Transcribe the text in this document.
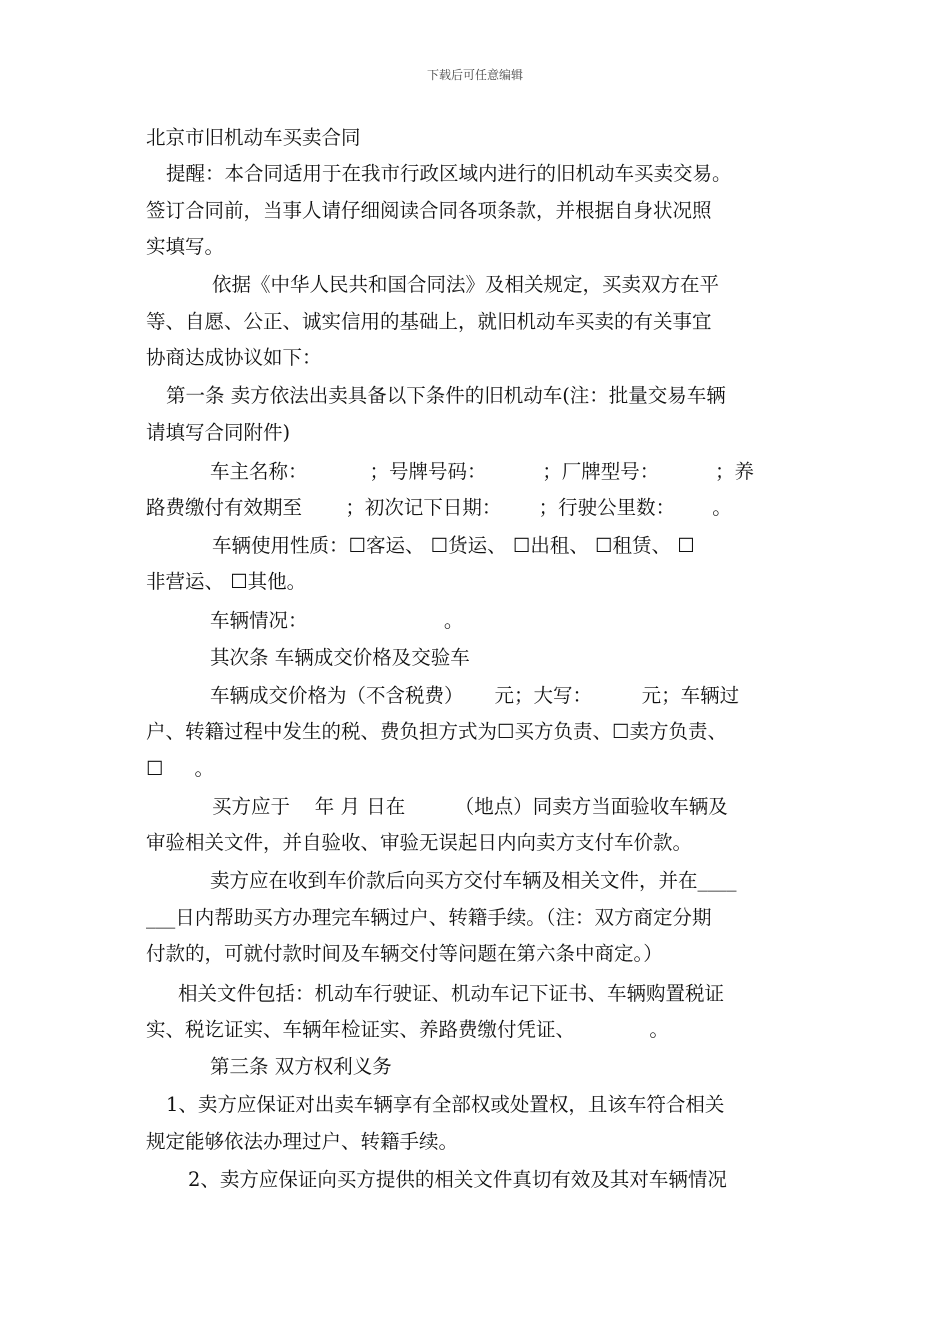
下载后可任意编辑
北京市旧机动车买卖合同
提醒：本合同适用于在我市行政区域内进行的旧机动车买卖交易。
签订合同前，当事人请仔细阅读合同各项条款，并根据自身状况照
实填写。
依据《中华人民共和国合同法》及相关规定，买卖双方在平
等、自愿、公正、诚实信用的基础上，就旧机动车买卖的有关事宜
协商达成协议如下：
第一条 卖方依法出卖具备以下条件的旧机动车(注：批量交易车辆
请填写合同附件)
车主名称：          ；号牌号码：         ；厂牌型号：         ；养
路费缴付有效期至       ；初次记下日期：      ；行驶公里数：      。
车辆使用性质：☐客运、 ☐货运、 ☐出租、 ☐租赁、 ☐
非营运、 ☐其他。
车辆情况：                      。
其次条 车辆成交价格及交验车
车辆成交价格为（不含税费）     元；大写：        元；车辆过
户、转籍过程中发生的税、费负担方式为☐买方负责、☐卖方负责、
☐     。
买方应于    年 月 日在        （地点）同卖方当面验收车辆及
审验相关文件，并自验收、审验无误起日内向卖方支付车价款。
卖方应在收到车价款后向买方交付车辆及相关文件，并在____
___日内帮助买方办理完车辆过户、转籍手续。（注：双方商定分期
付款的，可就付款时间及车辆交付等问题在第六条中商定。）
相关文件包括：机动车行驶证、机动车记下证书、车辆购置税证
实、税讫证实、车辆年检证实、养路费缴付凭证、            。
第三条 双方权利义务
1、卖方应保证对出卖车辆享有全部权或处置权，且该车符合相关
规定能够依法办理过户、转籍手续。
2、卖方应保证向买方提供的相关文件真切有效及其对车辆情况
